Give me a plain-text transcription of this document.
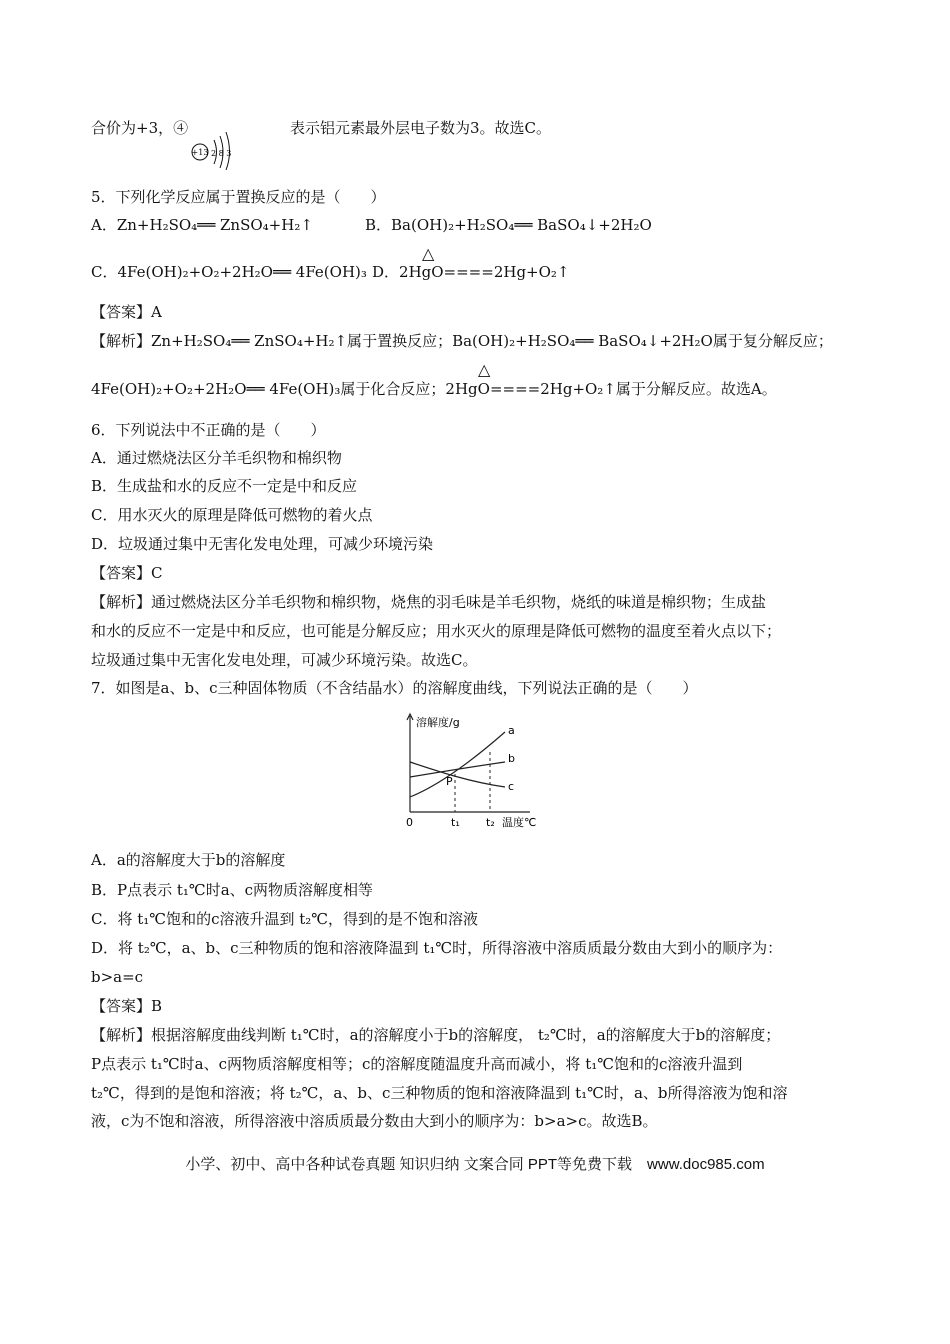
合价为+3，④
+13 2 8 3
表示铝元素最外层电子数为3。故选C。
5．下列化学反应属于置换反应的是（　　）
A．Zn+H₂SO₄══ ZnSO₄+H₂↑	B．Ba(OH)₂+H₂SO₄══ BaSO₄↓+2H₂O
△
C．4Fe(OH)₂+O₂+2H₂O══ 4Fe(OH)₃ D．2HgO====2Hg+O₂↑
【答案】A
【解析】Zn+H₂SO₄══ ZnSO₄+H₂↑属于置换反应；Ba(OH)₂+H₂SO₄══ BaSO₄↓+2H₂O属于复分解反应；
△
4Fe(OH)₂+O₂+2H₂O══ 4Fe(OH)₃属于化合反应；2HgO====2Hg+O₂↑属于分解反应。故选A。
6．下列说法中不正确的是（　　）
A．通过燃烧法区分羊毛织物和棉织物
B．生成盐和水的反应不一定是中和反应
C．用水灭火的原理是降低可燃物的着火点
D．垃圾通过集中无害化发电处理，可减少环境污染
【答案】C
【解析】通过燃烧法区分羊毛织物和棉织物，烧焦的羽毛味是羊毛织物，烧纸的味道是棉织物；生成盐
和水的反应不一定是中和反应，也可能是分解反应；用水灭火的原理是降低可燃物的温度至着火点以下；
垃圾通过集中无害化发电处理，可减少环境污染。故选C。
7．如图是a、b、c三种固体物质（不含结晶水）的溶解度曲线，下列说法正确的是（　　）
溶解度/g
a
b
c
P
0	t₁ t₂ 温度℃
A．a的溶解度大于b的溶解度
B．P点表示 t₁℃时a、c两物质溶解度相等
C．将 t₁℃饱和的c溶液升温到 t₂℃，得到的是不饱和溶液
D．将 t₂℃，a、b、c三种物质的饱和溶液降温到 t₁℃时，所得溶液中溶质质最分数由大到小的顺序为：
b>a=c
【答案】B
【解析】根据溶解度曲线判断 t₁℃时，a的溶解度小于b的溶解度， t₂℃时，a的溶解度大于b的溶解度；
P点表示 t₁℃时a、c两物质溶解度相等；c的溶解度随温度升高而减小，将 t₁℃饱和的c溶液升温到
t₂℃，得到的是饱和溶液；将 t₂℃，a、b、c三种物质的饱和溶液降温到 t₁℃时，a、b所得溶液为饱和溶
液，c为不饱和溶液，所得溶液中溶质质最分数由大到小的顺序为：b>a>c。故选B。
小学、初中、高中各种试卷真题 知识归纳 文案合同 PPT等免费下载　www.doc985.com
